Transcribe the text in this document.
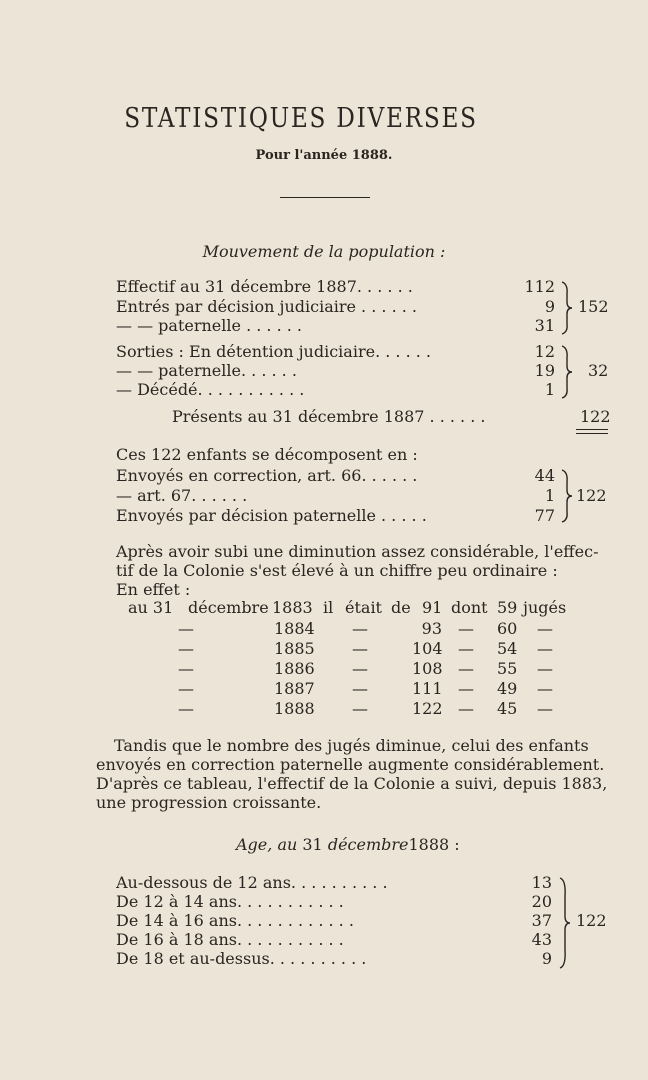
STATISTIQUES DIVERSES
Pour l'année 1888.
Mouvement de la population :
Effectif au 31 décembre 1887. . . . . .	112
Entrés par décision judiciaire . . . . . .	9
— — paternelle . . . . . .	31
152
Sorties : En détention judiciaire. . . . . .	12
— — paternelle. . . . . .	19
— Décédé. . . . . . . . . . .	1
32
Présents au 31 décembre 1887 . . . . . .	122
Ces 122 enfants se décomposent en :
Envoyés en correction, art. 66. . . . . .	44
— art. 67. . . . . .	1
Envoyés par décision paternelle . . . . .	77
122
Après avoir subi une diminution assez considérable, l'effec-
tif de la Colonie s'est élevé à un chiffre peu ordinaire :
En effet :
au 31 décembre 1883 il était de 91 dont 59 jugés
—	1884 —	93 — 60 —
—	1885 —	104 — 54 —
—	1886 —	108 — 55 —
—	1887 —	111 — 49 —
—	1888 —	122 — 45 —
Tandis que le nombre des jugés diminue, celui des enfants
envoyés en correction paternelle augmente considérablement.
D'après ce tableau, l'effectif de la Colonie a suivi, depuis 1883,
une progression croissante.
Age, au 31 décembre1888 :
Au-dessous de 12 ans. . . . . . . . . .	13
De 12 à 14 ans. . . . . . . . . . .	20
De 14 à 16 ans. . . . . . . . . . . .	37
De 16 à 18 ans. . . . . . . . . . .	43
De 18 et au-dessus. . . . . . . . . .	9
122
